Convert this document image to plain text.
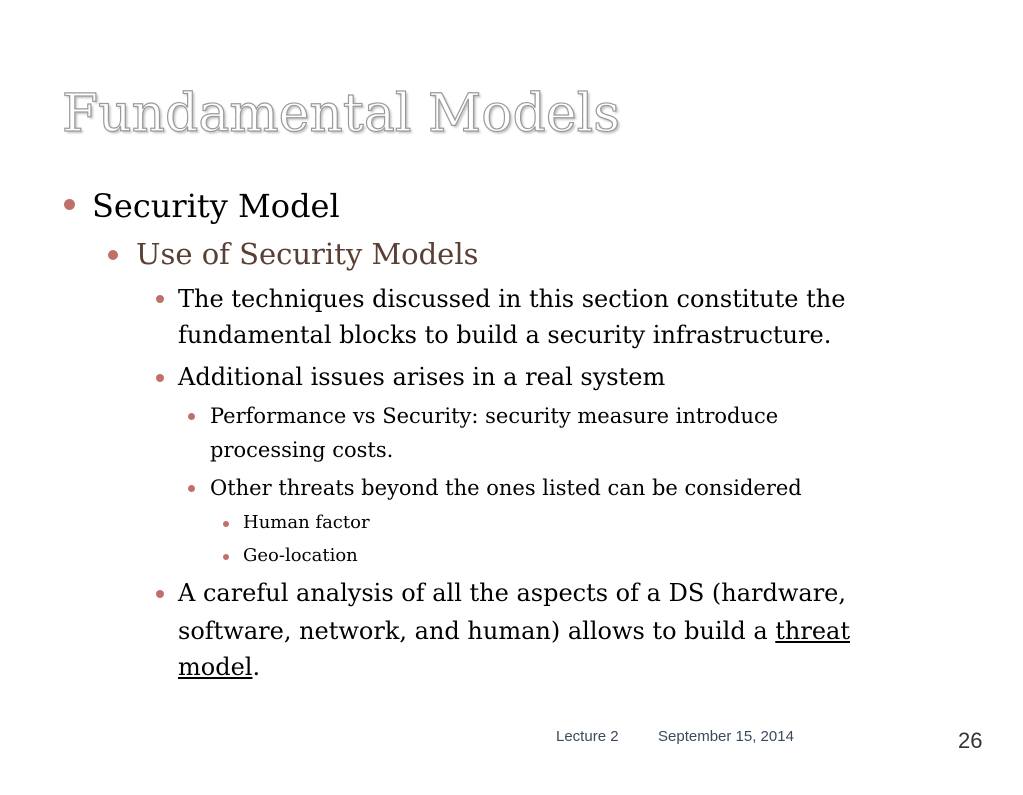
Fundamental Models
Security Model
Use of Security Models
The techniques discussed in this section constitute the
fundamental blocks to build a security infrastructure.
Additional issues arises in a real system
Performance vs Security: security measure introduce
processing costs.
Other threats beyond the ones listed can be considered
Human factor
Geo-location
A careful analysis of all the aspects of a DS (hardware,
software, network, and human) allows to build a threat
model.
Lecture 2	September 15, 2014	26
